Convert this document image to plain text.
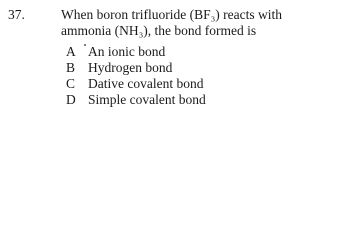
37.	When boron trifluoride (BF₃) reacts with
ammonia (NH₃), the bond formed is
A An ionic bond
B Hydrogen bond
C Dative covalent bond
D Simple covalent bond
